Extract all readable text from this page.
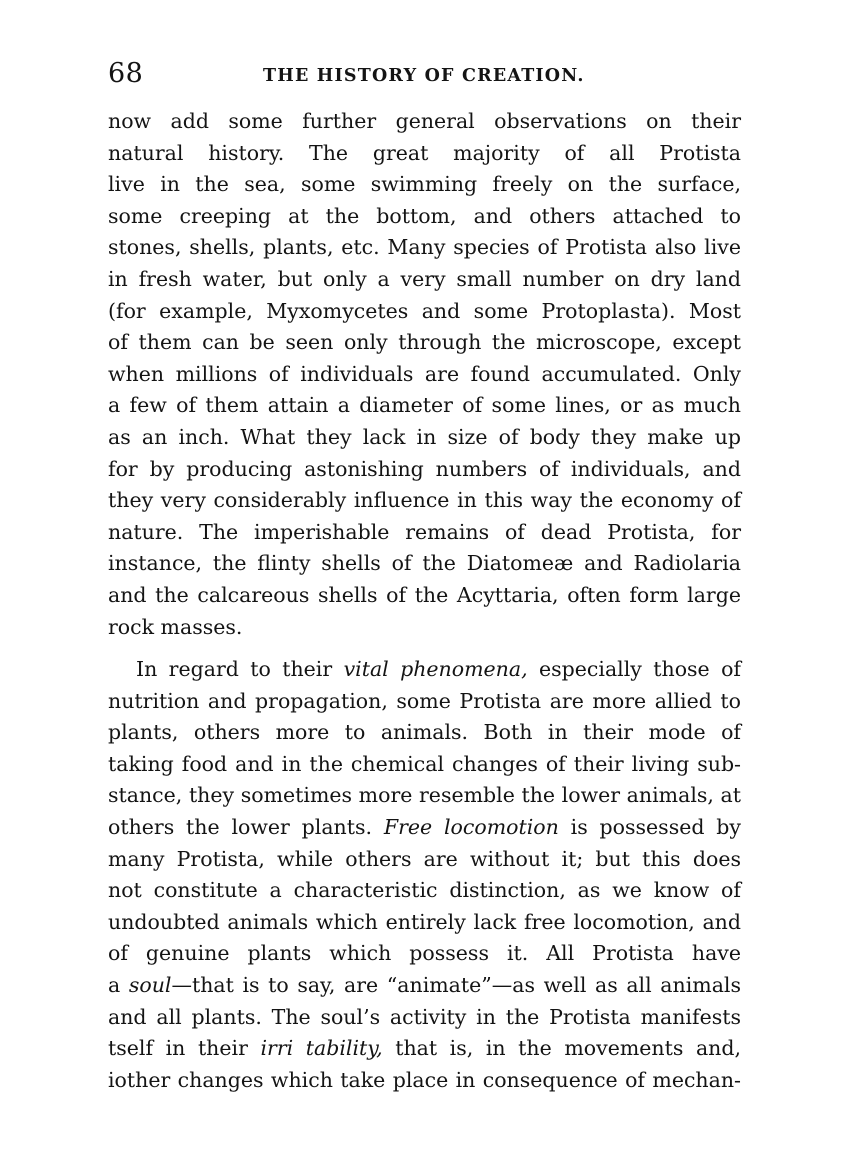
68	THE HISTORY OF CREATION.
now add some further general observations on their
natural history. The great majority of all Protista
live in the sea, some swimming freely on the surface,
some creeping at the bottom, and others attached to
stones, shells, plants, etc. Many species of Protista also live
in fresh water, but only a very small number on dry land
(for example, Myxomycetes and some Protoplasta). Most
of them can be seen only through the microscope, except
when millions of individuals are found accumulated. Only
a few of them attain a diameter of some lines, or as much
as an inch. What they lack in size of body they make up
for by producing astonishing numbers of individuals, and
they very considerably influence in this way the economy of
nature. The imperishable remains of dead Protista, for
instance, the flinty shells of the Diatomeæ and Radiolaria
and the calcareous shells of the Acyttaria, often form large
rock masses.
In regard to their vital phenomena, especially those of
nutrition and propagation, some Protista are more allied to
plants, others more to animals. Both in their mode of
taking food and in the chemical changes of their living sub-
stance, they sometimes more resemble the lower animals, at
others the lower plants. Free locomotion is possessed by
many Protista, while others are without it; but this does
not constitute a characteristic distinction, as we know of
undoubted animals which entirely lack free locomotion, and
of genuine plants which possess it. All Protista have
a soul—that is to say, are “animate”—as well as all animals
and all plants. The soul’s activity in the Protista manifests
tself in their irri tability, that is, in the movements and,
iother changes which take place in consequence of mechan-
